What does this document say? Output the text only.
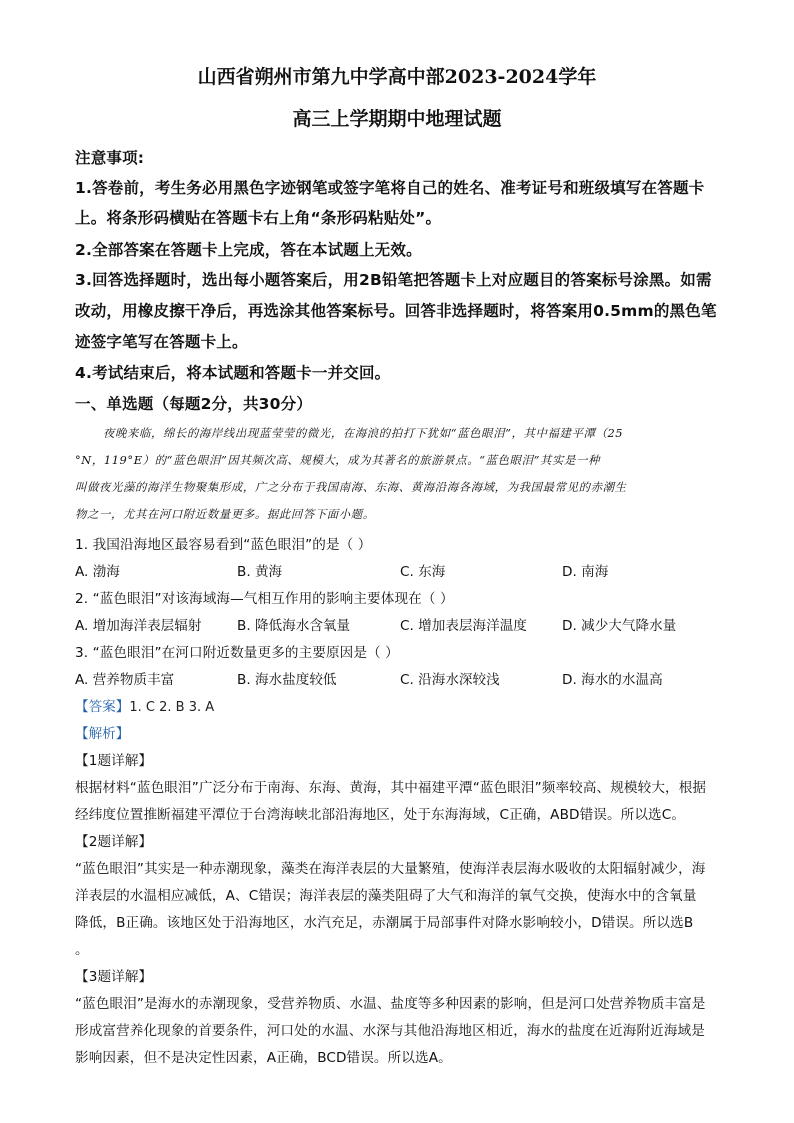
山西省朔州市第九中学高中部2023-2024学年
高三上学期期中地理试题
注意事项:
1.答卷前，考生务必用黑色字迹钢笔或签字笔将自己的姓名、准考证号和班级填写在答题卡
上。将条形码横贴在答题卡右上角“条形码粘贴处”。
2.全部答案在答题卡上完成，答在本试题上无效。
3.回答选择题时，选出每小题答案后，用2B铅笔把答题卡上对应题目的答案标号涂黑。如需
改动，用橡皮擦干净后，再选涂其他答案标号。回答非选择题时，将答案用0.5mm的黑色笔
迹签字笔写在答题卡上。
4.考试结束后，将本试题和答题卡一并交回。
一、单选题（每题2分，共30分）
夜晚来临，绵长的海岸线出现蓝莹莹的微光，在海浪的拍打下犹如“蓝色眼泪”，其中福建平潭（25
°N，119°E）的“蓝色眼泪”因其频次高、规模大，成为其著名的旅游景点。“蓝色眼泪”其实是一种
叫做夜光藻的海洋生物聚集形成，广之分布于我国南海、东海、黄海沿海各海域，为我国最常见的赤潮生
物之一，尤其在河口附近数量更多。据此回答下面小题。
1. 我国沿海地区最容易看到“蓝色眼泪”的是（ ）
A. 渤海	B. 黄海	C. 东海	D. 南海
2. “蓝色眼泪”对该海域海—气相互作用的影响主要体现在（ ）
A. 增加海洋表层辐射	B. 降低海水含氧量	C. 增加表层海洋温度	D. 减少大气降水量
3. “蓝色眼泪”在河口附近数量更多的主要原因是（ ）
A. 营养物质丰富	B. 海水盐度较低	C. 沿海水深较浅	D. 海水的水温高
【答案】1. C 2. B 3. A
【解析】
【1题详解】
根据材料“蓝色眼泪”广泛分布于南海、东海、黄海，其中福建平潭“蓝色眼泪”频率较高、规模较大，根据
经纬度位置推断福建平潭位于台湾海峡北部沿海地区，处于东海海域，C正确，ABD错误。所以选C。
【2题详解】
“蓝色眼泪”其实是一种赤潮现象，藻类在海洋表层的大量繁殖，使海洋表层海水吸收的太阳辐射减少，海
洋表层的水温相应减低，A、C错误；海洋表层的藻类阻碍了大气和海洋的氧气交换，使海水中的含氧量
降低，B正确。该地区处于沿海地区，水汽充足，赤潮属于局部事件对降水影响较小，D错误。所以选B
。
【3题详解】
“蓝色眼泪”是海水的赤潮现象，受营养物质、水温、盐度等多种因素的影响，但是河口处营养物质丰富是
形成富营养化现象的首要条件，河口处的水温、水深与其他沿海地区相近，海水的盐度在近海附近海域是
影响因素，但不是决定性因素，A正确，BCD错误。所以选A。
